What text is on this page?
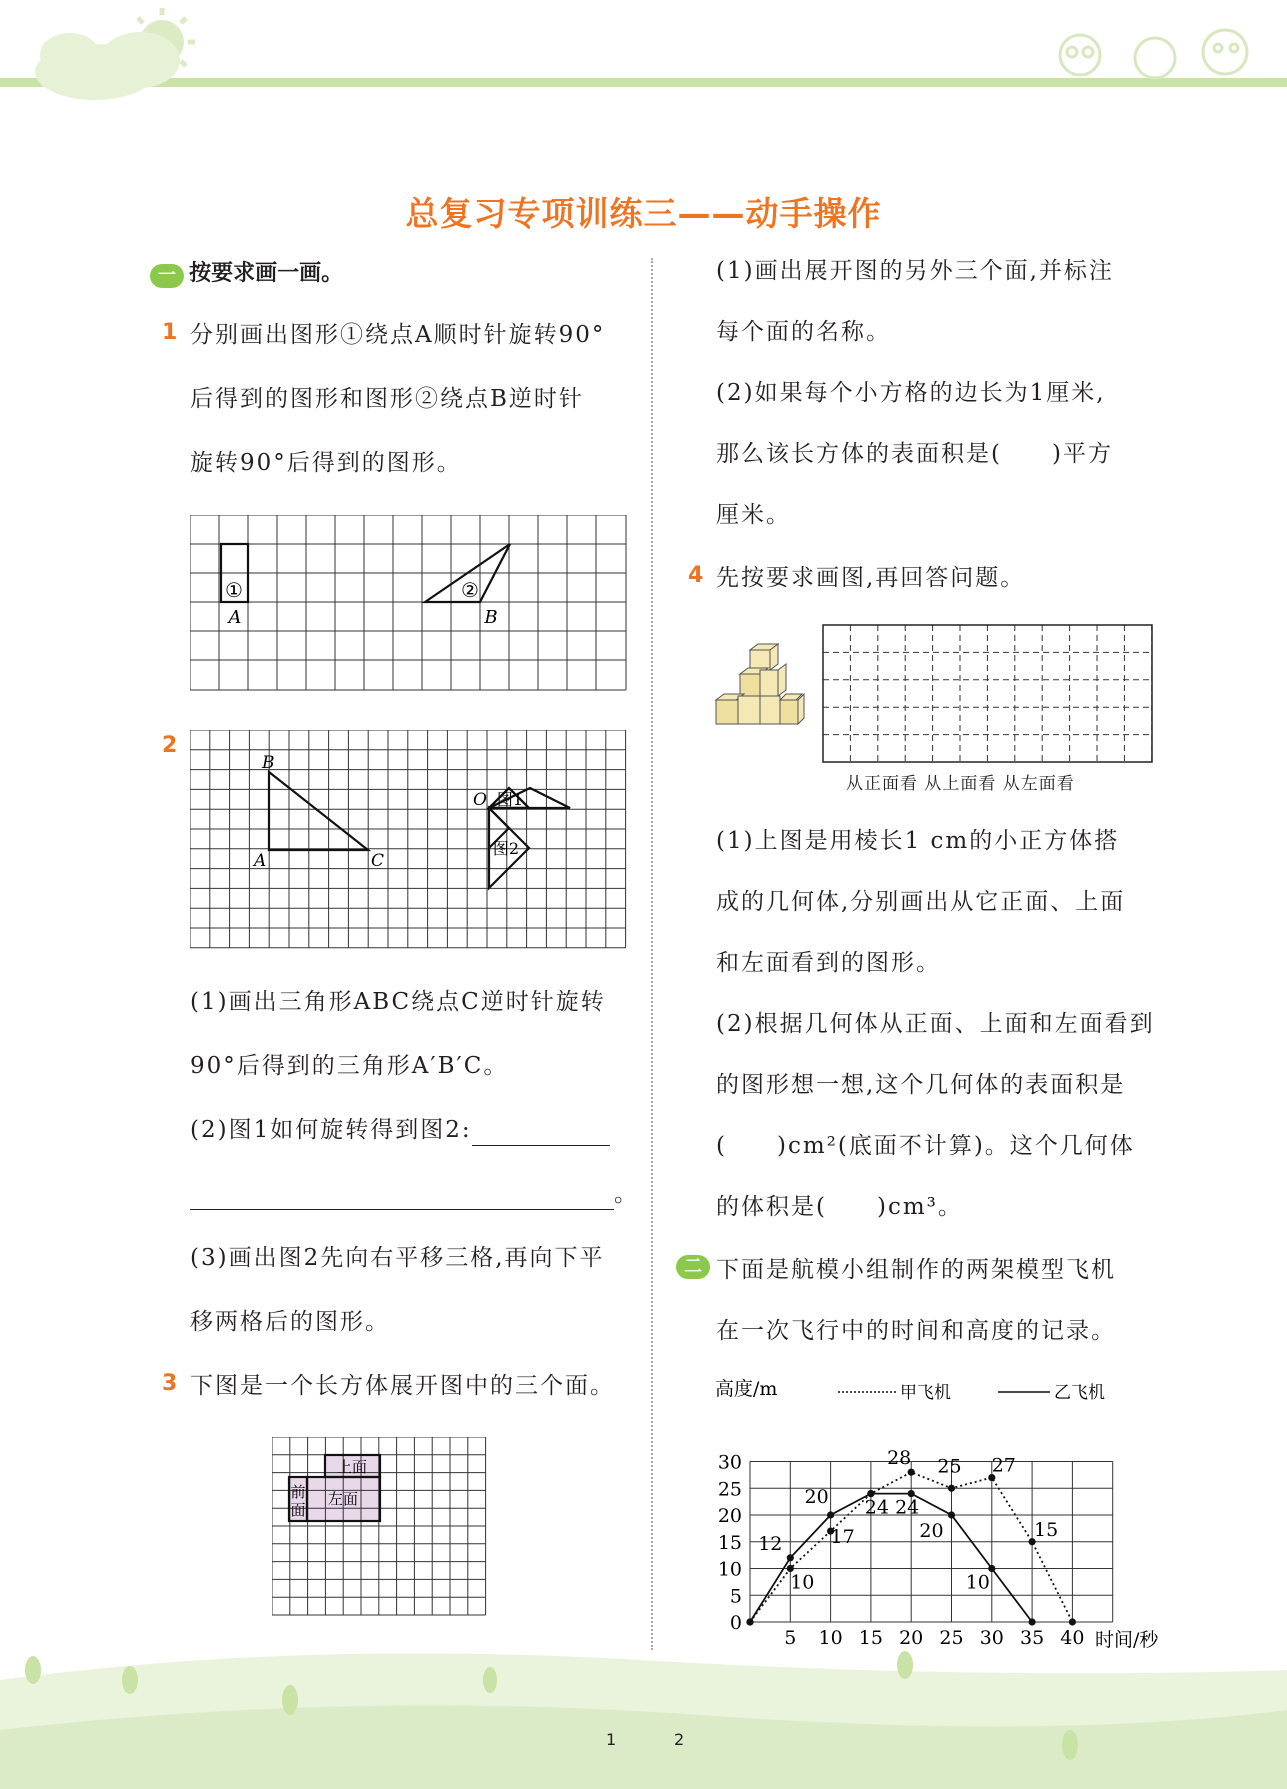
总复习专项训练三——动手操作
一 按要求画一画。
1 分别画出图形①绕点A顺时针旋转90°
后得到的图形和图形②绕点B逆时针
旋转90°后得到的图形。
①	②
A	B
2
B
A	C
O 图1
图2
(1)画出三角形ABC绕点C逆时针旋转
90°后得到的三角形A′B′C。
(2)图1如何旋转得到图2:
。
(3)画出图2先向右平移三格,再向下平
移两格后的图形。
3 下图是一个长方体展开图中的三个面。
上面
前
面
左面
(1)画出展开图的另外三个面,并标注
每个面的名称。
(2)如果每个小方格的边长为1厘米,
那么该长方体的表面积是(　　)平方
厘米。
4 先按要求画图,再回答问题。
从正面看 从上面看 从左面看
(1)上图是用棱长1 cm的小正方体搭
成的几何体,分别画出从它正面、上面
和左面看到的图形。
(2)根据几何体从正面、上面和左面看到
的图形想一想,这个几何体的表面积是
(　　)cm²(底面不计算)。这个几何体
的体积是(　　)cm³。
二 下面是航模小组制作的两架模型飞机
在一次飞行中的时间和高度的记录。
高度/m	甲飞机	乙飞机
5 10 15 20 25 30 35 40
0
5
10
15
20
25
30
10
17
28 25 27
15
12
20 24 24
20
10
时间/秒
1	2
